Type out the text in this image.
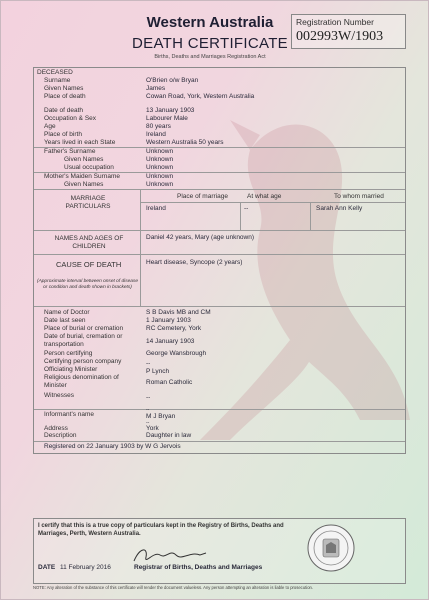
Western Australia
DEATH CERTIFICATE
Births, Deaths and Marriages Registration Act
Registration Number
002993W/1903
DECEASED
Surname	O'Brien o/w Bryan
Given Names	James
Place of death	Cowan Road, York, Western Australia
Date of death	13 January 1903
Occupation & Sex	Labourer Male
Age	80 years
Place of birth	Ireland
Years lived in each State	Western Australia 50 years
Father's Surname	Unknown
Given Names	Unknown
Usual occupation	Unknown
Mother's Maiden Surname	Unknown
Given Names	Unknown
MARRIAGE PARTICULARS
Place of marriage	At what age	To whom married
Ireland	--	Sarah Ann Kelly
NAMES AND AGES OF CHILDREN
Daniel 42 years, Mary (age unknown)
CAUSE OF DEATH
(Approximate interval between onset of disease or condition and death shown in brackets)
Heart disease, Syncope (2 years)
Name of Doctor	S B Davis MB and CM
Date last seen	1 January 1903
Place of burial or cremation	RC Cemetery, York
Date of burial, cremation or transportation	14 January 1903
Person certifying	George Wansbrough
Certifying person company	--
Officiating Minister	P Lynch
Religious denomination of Minister	Roman Catholic
Witnesses	--
--
Informant's name	M J Bryan
--
Address	York
Description	Daughter in law
Registered on 22 January 1903 by W G Jervois
I certify that this is a true copy of particulars kept in the Registry of Births, Deaths and Marriages, Perth, Western Australia.
DATE 11 February 2016	Registrar of Births, Deaths and Marriages
NOTE: Any alteration of the substance of this certificate will render the document valueless. Any person attempting an alteration is liable to prosecution.
